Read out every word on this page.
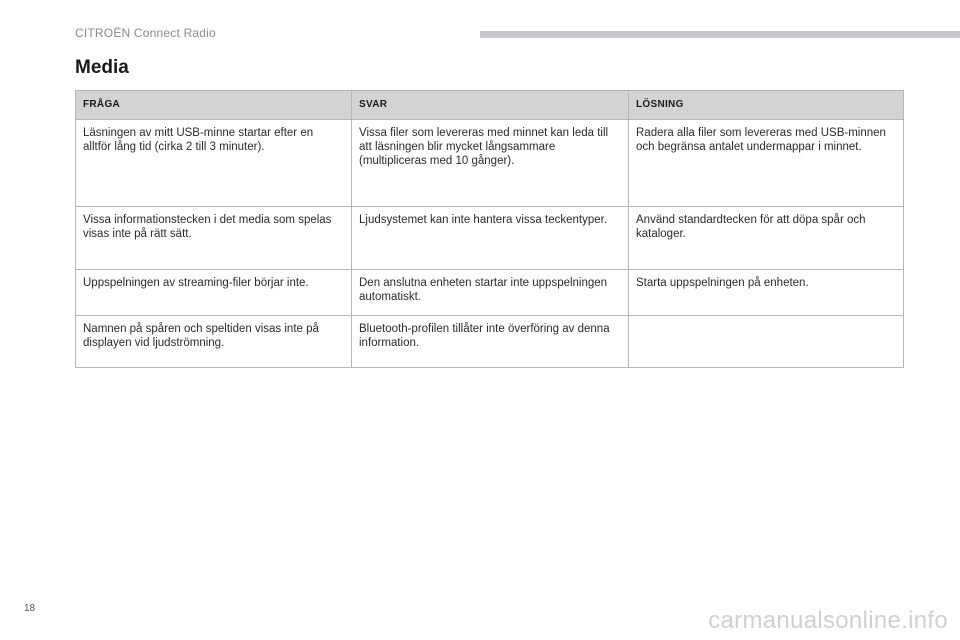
CITROËN Connect Radio
Media
FRÅGA	SVAR	LÖSNING
Läsningen av mitt USB-minne startar efter en alltför lång tid (cirka 2 till 3 minuter).	Vissa filer som levereras med minnet kan leda till att läsningen blir mycket långsammare (multipliceras med 10 gånger).	Radera alla filer som levereras med USB-minnen och begränsa antalet undermappar i minnet.
Vissa informationstecken i det media som spelas visas inte på rätt sätt.	Ljudsystemet kan inte hantera vissa teckentyper.	Använd standardtecken för att döpa spår och kataloger.
Uppspelningen av streaming-filer börjar inte.	Den anslutna enheten startar inte uppspelningen automatiskt.	Starta uppspelningen på enheten.
Namnen på spåren och speltiden visas inte på displayen vid ljudströmning.	Bluetooth-profilen tillåter inte överföring av denna information.	
18	carmanualsonline.info
